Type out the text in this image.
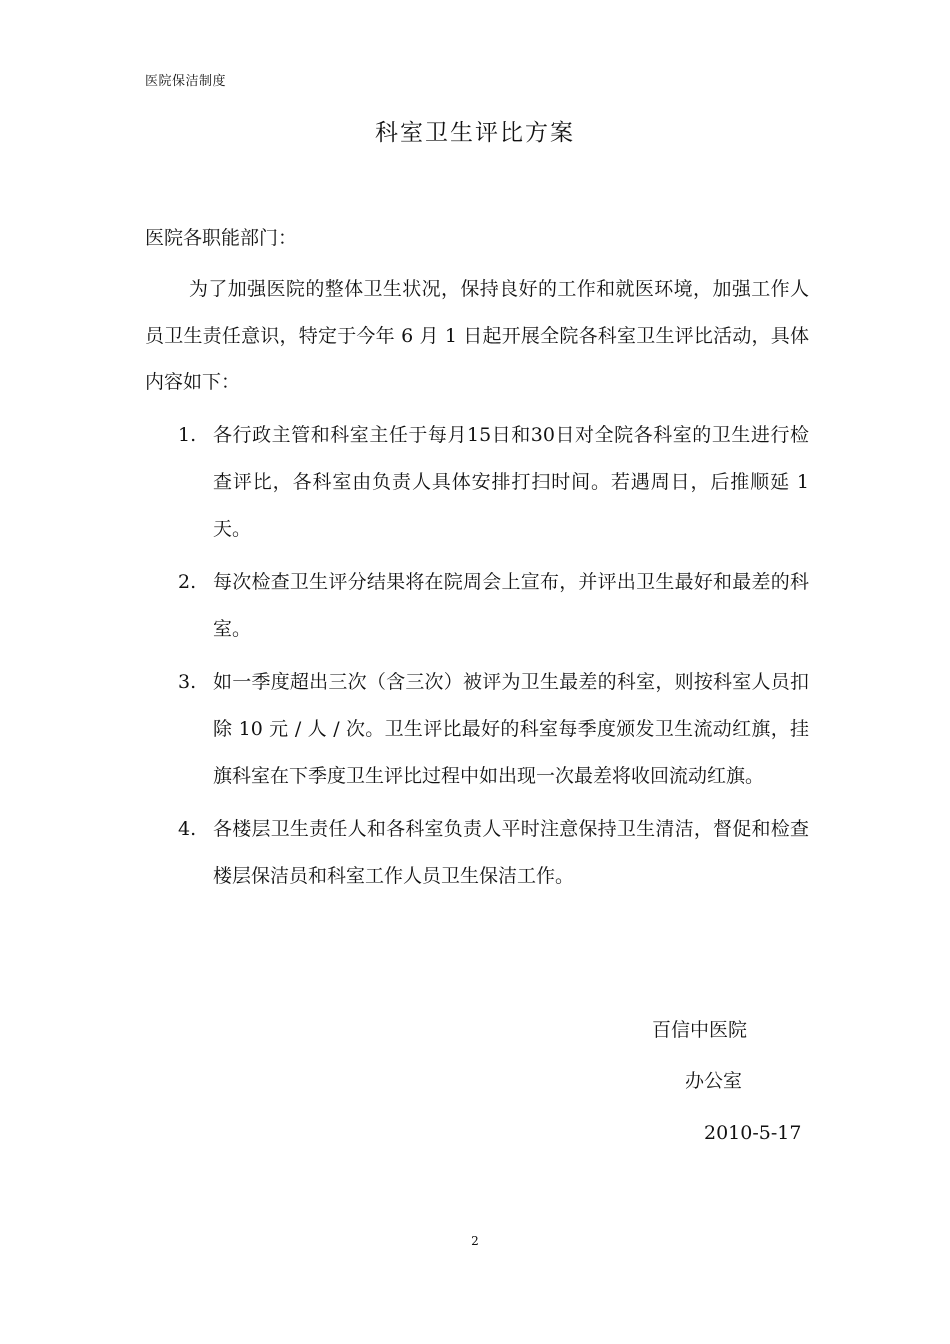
医院保洁制度
科室卫生评比方案
医院各职能部门：

为了加强医院的整体卫生状况，保持良好的工作和就医环境，加强工作人员卫生责任意识，特定于今年 6 月 1 日起开展全院各科室卫生评比活动，具体内容如下：

1. 各行政主管和科室主任于每月15日和30日对全院各科室的卫生进行检查评比，各科室由负责人具体安排打扫时间。若遇周日，后推顺延 1 天。
2. 每次检查卫生评分结果将在院周会上宣布，并评出卫生最好和最差的科室。
3. 如一季度超出三次（含三次）被评为卫生最差的科室，则按科室人员扣除 10 元 / 人 / 次。卫生评比最好的科室每季度颁发卫生流动红旗，挂旗科室在下季度卫生评比过程中如出现一次最差将收回流动红旗。
4. 各楼层卫生责任人和各科室负责人平时注意保持卫生清洁，督促和检查楼层保洁员和科室工作人员卫生保洁工作。
百信中医院
办公室
2010-5-17
2
